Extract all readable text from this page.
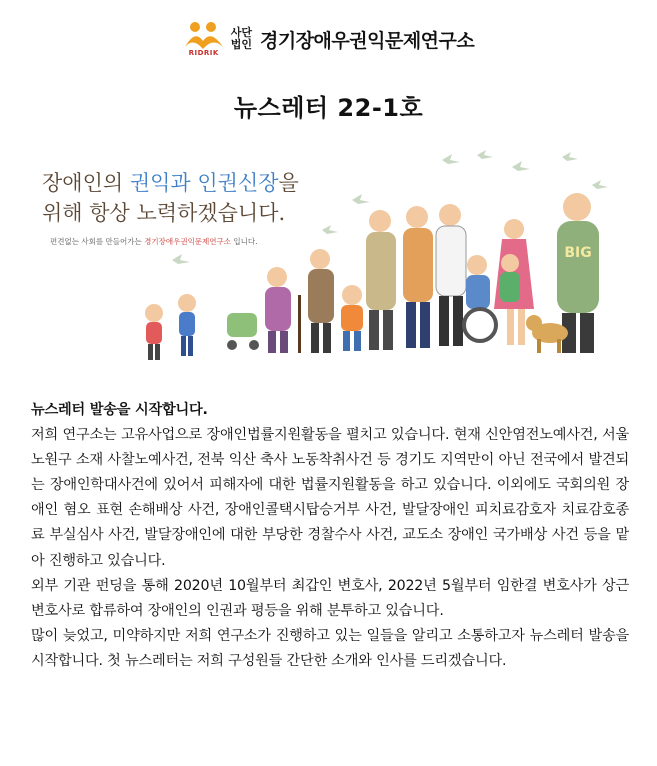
RIDRIK
사단
법인 경기장애우권익문제연구소
뉴스레터 22-1호
BIG
장애인의 권익과 인권신장을
위해 항상 노력하겠습니다.
편견없는 사회를 만들어가는 경기장애우권익문제연구소 입니다.

뉴스레터 발송을 시작합니다.

저희 연구소는 고유사업으로 장애인법률지원활동을 펼치고 있습니다. 현재 신안염전노예사건, 서울 노원구 소재 사찰노예사건, 전북 익산 축사 노동착취사건 등 경기도 지역만이 아닌 전국에서 발견되는 장애인학대사건에 있어서 피해자에 대한 법률지원활동을 하고 있습니다. 이외에도 국회의원 장애인 혐오 표현 손해배상 사건, 장애인콜택시탑승거부 사건, 발달장애인 피치료감호자 치료감호종료 부실심사 사건, 발달장애인에 대한 부당한 경찰수사 사건, 교도소 장애인 국가배상 사건 등을 맡아 진행하고 있습니다.

외부 기관 펀딩을 통해 2020년 10월부터 최갑인 변호사, 2022년 5월부터 임한결 변호사가 상근변호사로 합류하여 장애인의 인권과 평등을 위해 분투하고 있습니다.

많이 늦었고, 미약하지만 저희 연구소가 진행하고 있는 일들을 알리고 소통하고자 뉴스레터 발송을 시작합니다. 첫 뉴스레터는 저희 구성원들 간단한 소개와 인사를 드리겠습니다.
